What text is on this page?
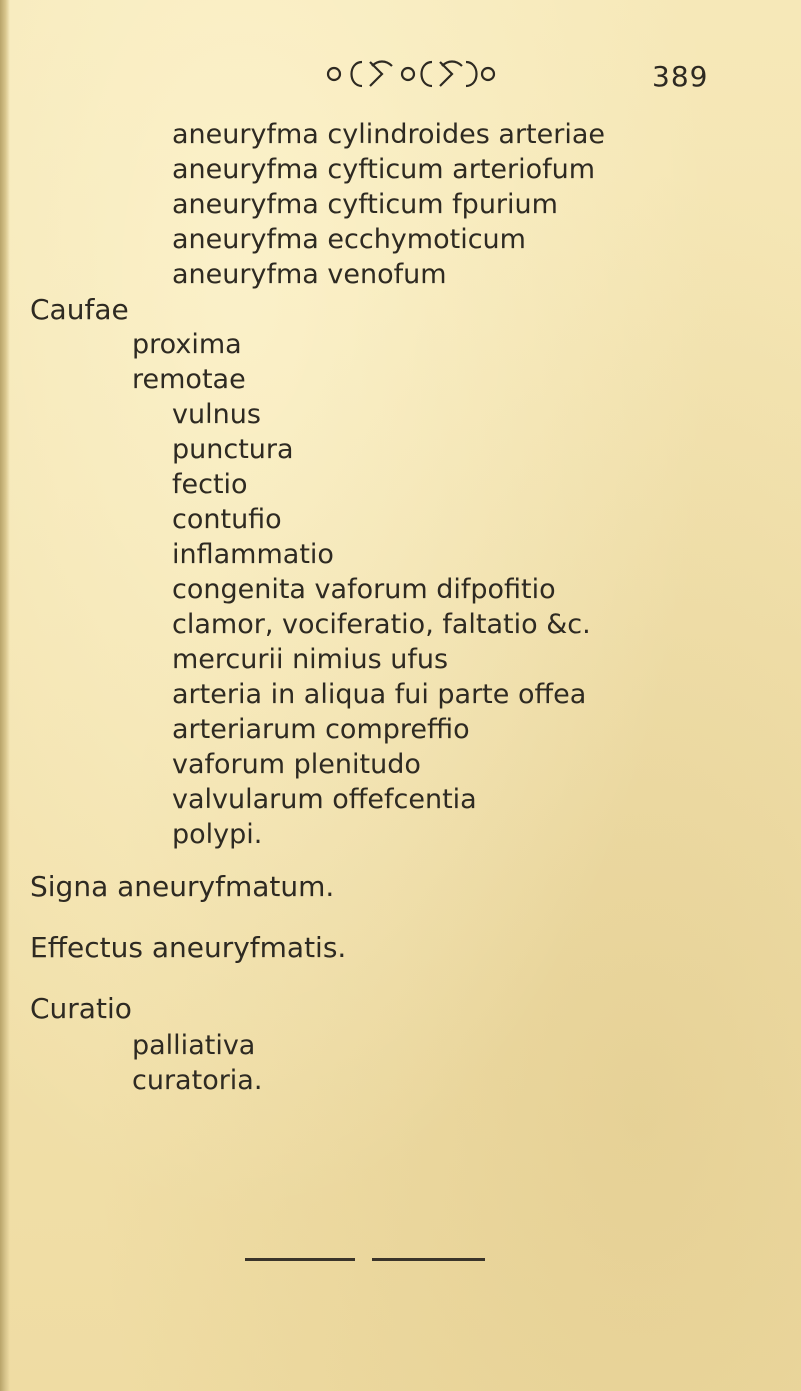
389
aneuryfma cylindroides arteriae
aneuryfma cyfticum arteriofum
aneuryfma cyfticum fpurium
aneuryfma ecchymoticum
aneuryfma venofum
Caufae
proxima
remotae
vulnus
punctura
fectio
contufio
inflammatio
congenita vaforum difpofitio
clamor, vociferatio, faltatio &c.
mercurii nimius ufus
arteria in aliqua fui parte offea
arteriarum compreffio
vaforum plenitudo
valvularum offefcentia
polypi.
Signa aneuryfmatum.
Effectus aneuryfmatis.
Curatio
palliativa
curatoria.
